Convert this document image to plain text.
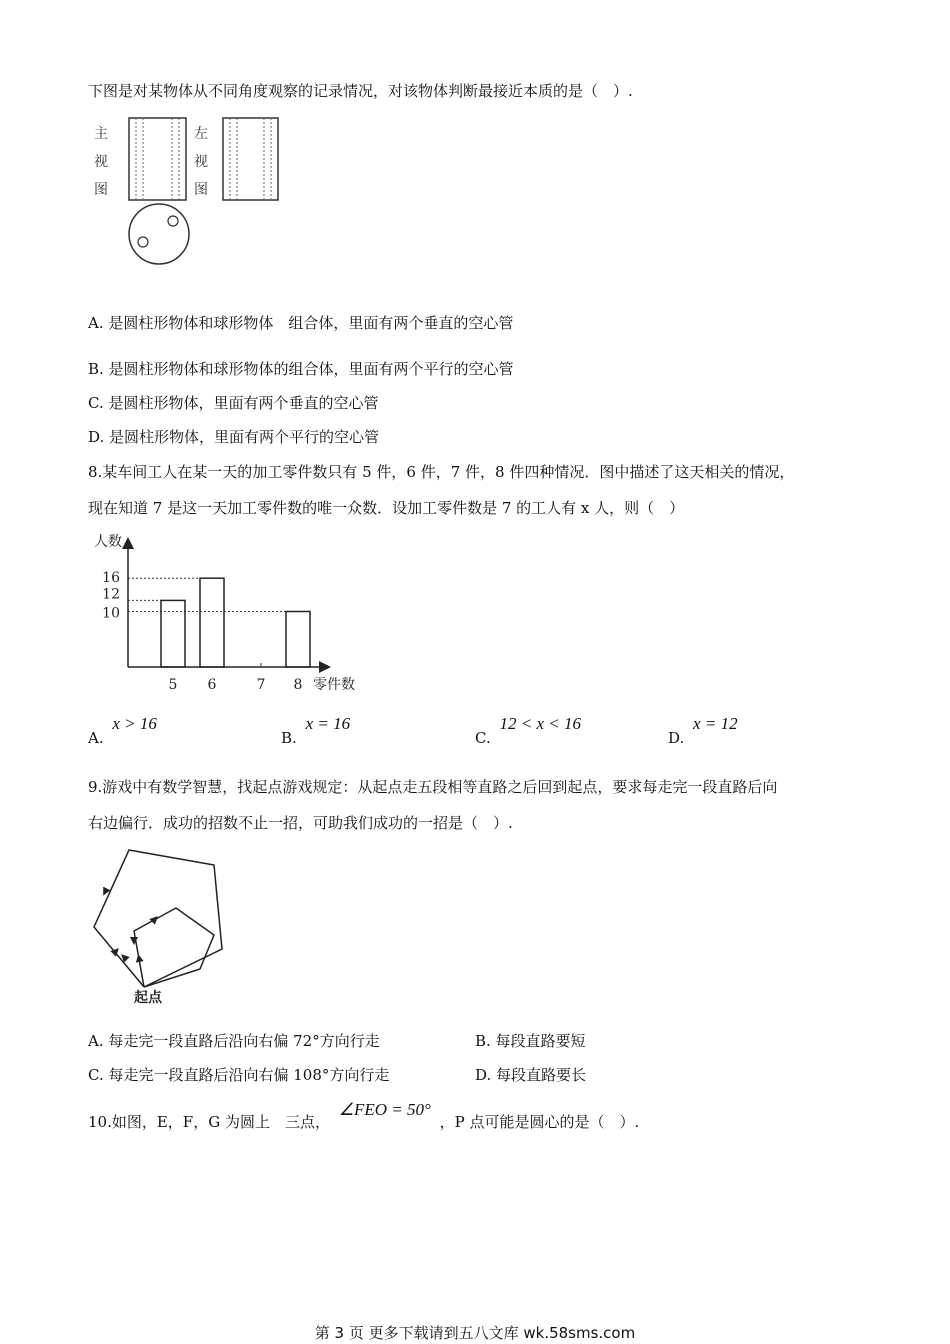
下图是对某物体从不同角度观察的记录情况，对该物体判断最接近本质的是（　）.
主
视
图
左
视
图
A. 是圆柱形物体和球形物体　组合体，里面有两个垂直的空心管
B. 是圆柱形物体和球形物体的组合体，里面有两个平行的空心管
C. 是圆柱形物体，里面有两个垂直的空心管
D. 是圆柱形物体，里面有两个平行的空心管
8.某车间工人在某一天的加工零件数只有 5 件，6 件，7 件，8 件四种情况．图中描述了这天相关的情况，
现在知道 7 是这一天加工零件数的唯一众数．设加工零件数是 7 的工人有 x 人，则（　）
人数
零件数
5 6	7 8
10
12
16
A. x > 16
B. x = 16
C. 12 < x < 16
D. x = 12
9.游戏中有数学智慧，找起点游戏规定：从起点走五段相等直路之后回到起点，要求每走完一段直路后向
右边偏行．成功的招数不止一招，可助我们成功的一招是（　）.
起点
A. 每走完一段直路后沿向右偏 72°方向行走	B. 每段直路要短
C. 每走完一段直路后沿向右偏 108°方向行走	D. 每段直路要长
10.如图，E，F，G 为圆上　三点， ∠FEO = 50° ，P 点可能是圆心的是（　）.
第 3 页 更多下载请到五八文库 wk.58sms.com
